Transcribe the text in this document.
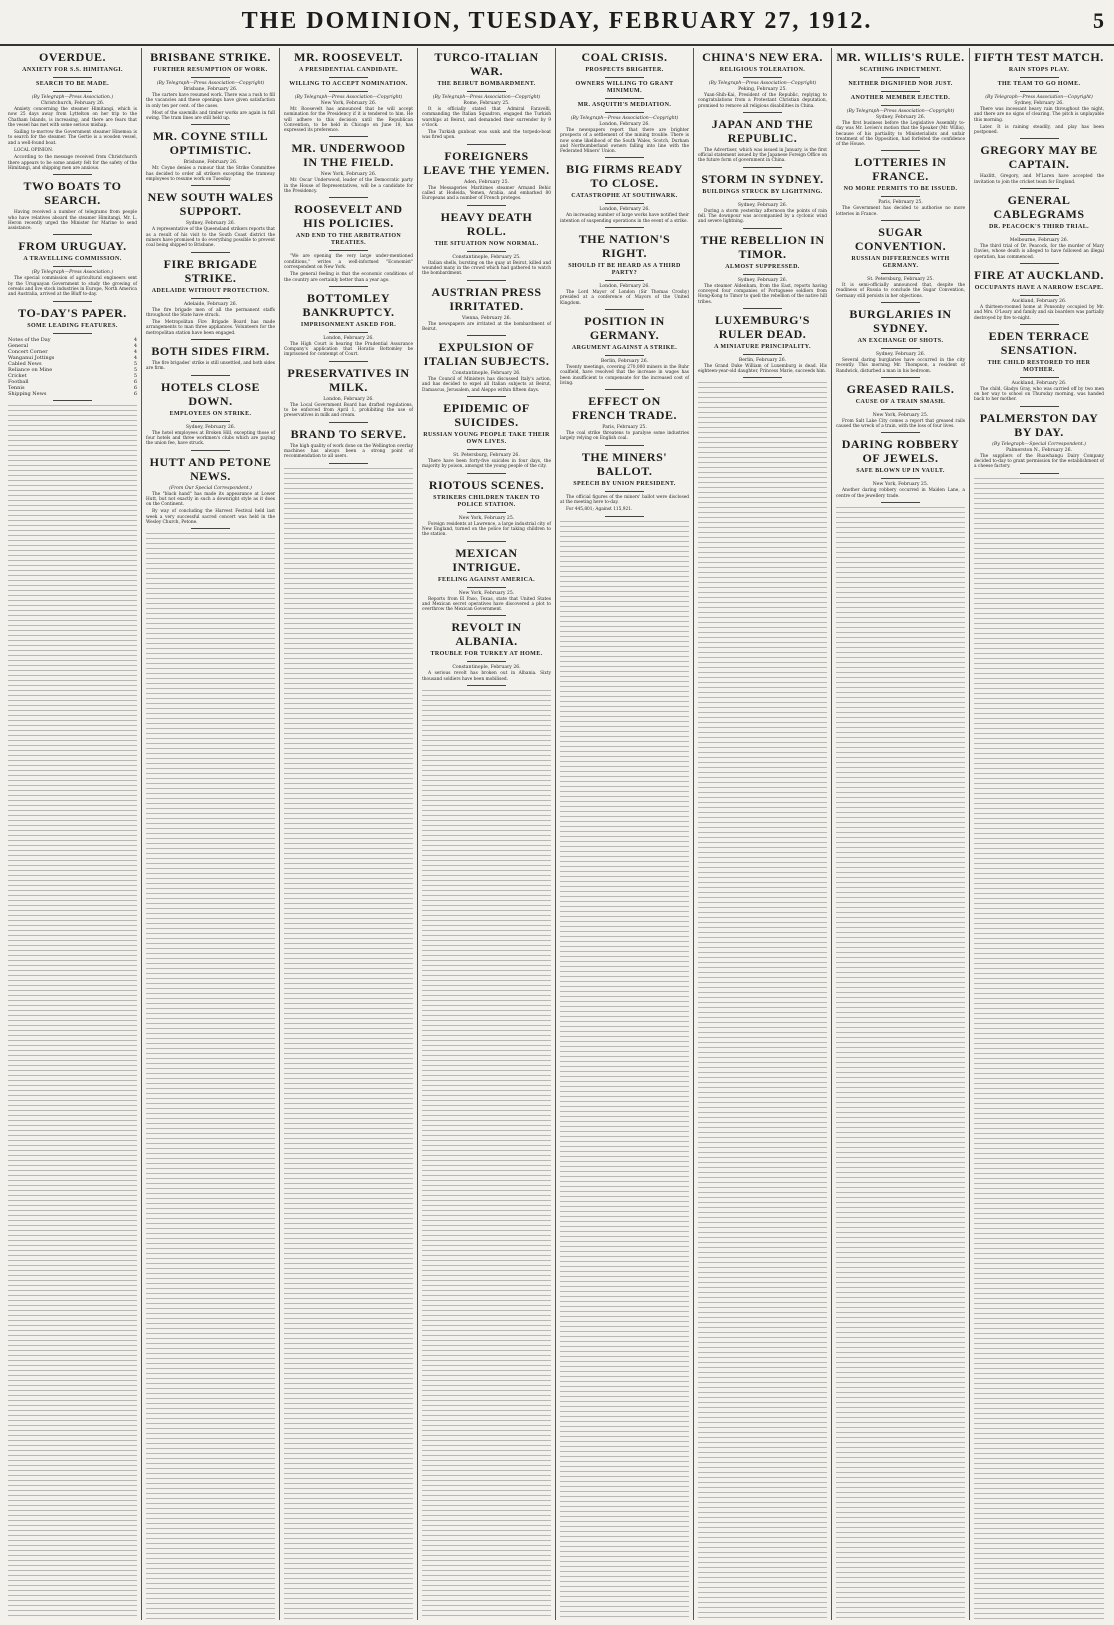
THE DOMINION, TUESDAY, FEBRUARY 27, 1912.	5
OVERDUE.
ANXIETY FOR S.S. HIMITANGI.
SEARCH TO BE MADE.
(By Telegraph—Press Association.)
Christchurch, February 26.

Anxiety concerning the steamer Himitangi, which is now 25 days away from Lyttelton on her trip to the Chatham Islands, is increasing, and there are fears that the vessel has met with some serious mishap.

Sailing to-morrow the Government steamer Hinemoa is to search for the steamer. The Gertie is a wooden vessel, and a well-found boat.

LOCAL OPINION.

According to the message received from Christchurch there appears to be some anxiety felt for the safety of the Himitangi, and shipping men are anxious.

TWO BOATS TO SEARCH.

Having received a number of telegrams from people who have relatives aboard the steamer Himitangi, Mr. L. Heron recently urged the Minister for Marine to send assistance.

FROM URUGUAY.
A TRAVELLING COMMISSION.
(By Telegraph—Press Association.)

The special commission of agricultural engineers sent by the Uruguayan Government to study the growing of cereals and live stock industries in Europe, North America and Australia, arrived at the Bluff to-day.

TO-DAY'S PAPER.
SOME LEADING FEATURES.
Notes of the Day	4
General	4
Concert Corner	4
Wanganui Jottings	4
Cabled News	5
Reliance on Mine	5
Cricket	5
Football	6
Tennis	6
Shipping News	6
BRISBANE STRIKE.
FURTHER RESUMPTION OF WORK.
(By Telegraph—Press Association—Copyright)
Brisbane, February 26.

The carters have resumed work. There was a rush to fill the vacancies and these openings have given satisfaction in only ten per cent. of the cases.

Most of the sawmills and timber works are again in full swing. The tram lines are still held up.

MR. COYNE STILL OPTIMISTIC.
Brisbane, February 26.

Mr. Coyne denies a rumour that the Strike Committee has decided to order all strikers excepting the tramway employees to resume work on Tuesday.

NEW SOUTH WALES SUPPORT.
Sydney, February 26.

A representative of the Queensland strikers reports that as a result of his visit to the South Coast district the miners have promised to do everything possible to prevent coal being shipped to Brisbane.

FIRE BRIGADE STRIKE.
ADELAIDE WITHOUT PROTECTION.
Adelaide, February 26.

The fire brigade men of all the permanent staffs throughout the State have struck.

The Metropolitan Fire Brigade Board has made arrangements to man three appliances. Volunteers for the metropolitan station have been engaged.

BOTH SIDES FIRM.

The fire brigades' strike is still unsettled, and both sides are firm.

HOTELS CLOSE DOWN.
EMPLOYEES ON STRIKE.
Sydney, February 26.

The hotel employees at Broken Hill, excepting those of four hotels and three workmen's clubs which are paying the union fee, have struck.

HUTT AND PETONE NEWS.
(From Our Special Correspondent.)

The "black hand" has made its appearance at Lower Hutt, but not exactly in such a downright style as it does on the Continent.

By way of concluding the Harvest Festival held last week a very successful sacred concert was held in the Wesley Church, Petone.

MR. ROOSEVELT.
A PRESIDENTIAL CANDIDATE.
WILLING TO ACCEPT NOMINATION.
(By Telegraph—Press Association—Copyright)
New York, February 26.

Mr. Roosevelt has announced that he will accept nomination for the Presidency if it is tendered to him. He will adhere to this decision until the Republican Convention, to be held in Chicago on June 18, has expressed its preference.

MR. UNDERWOOD IN THE FIELD.
New York, February 26.

Mr. Oscar Underwood, leader of the Democratic party in the House of Representatives, will be a candidate for the Presidency.

ROOSEVELT AND HIS POLICIES.
AND END TO THE ARBITRATION TREATIES.

"We are opening the very large under-mentioned conditions," writes a well-informed "Economist" correspondent on New York.

The general feeling is that the economic conditions of the country are certainly better than a year ago.

BOTTOMLEY BANKRUPTCY.
IMPRISONMENT ASKED FOR.
London, February 26.

The High Court is hearing the Prudential Assurance Company's application that Horatio Bottomley be imprisoned for contempt of Court.

PRESERVATIVES IN MILK.
London, February 26.

The Local Government Board has drafted regulations, to be enforced from April 1, prohibiting the use of preservatives in milk and cream.

BRAND TO SERVE.

The high quality of work done on the Wellington overlay machines has always been a strong point of recommendation to all users.

TURCO-ITALIAN WAR.
THE BEIRUT BOMBARDMENT.
(By Telegraph—Press Association—Copyright)
Rome, February 25.

It is officially stated that Admiral Faravelli, commanding the Italian Squadron, engaged the Turkish warships at Beirut, and demanded their surrender by 9 o'clock.

The Turkish gunboat was sunk and the torpedo-boat was fired upon.

FOREIGNERS LEAVE THE YEMEN.
Aden, February 25.

The Messageries Maritimes steamer Armand Behic called at Hodeida, Yemen, Arabia, and embarked 80 Europeans and a number of French proteges.

HEAVY DEATH ROLL.
THE SITUATION NOW NORMAL.
Constantinople, February 25.

Italian shells, bursting on the quay at Beirut, killed and wounded many in the crowd which had gathered to watch the bombardment.

AUSTRIAN PRESS IRRITATED.
Vienna, February 26.

The newspapers are irritated at the bombardment of Beirut.

EXPULSION OF ITALIAN SUBJECTS.
Constantinople, February 26.

The Council of Ministers has discussed Italy's action, and has decided to expel all Italian subjects at Beirut, Damascus, Jerusalem, and Aleppo within fifteen days.

EPIDEMIC OF SUICIDES.
RUSSIAN YOUNG PEOPLE TAKE THEIR OWN LIVES.
St. Petersburg, February 26.

There have been forty-five suicides in four days, the majority by poison, amongst the young people of the city.

RIOTOUS SCENES.
STRIKERS CHILDREN TAKEN TO POLICE STATION.
New York, February 25.

Foreign residents at Lawrence, a large industrial city of New England, turned on the police for taking children to the station.

MEXICAN INTRIGUE.
FEELING AGAINST AMERICA.
New York, February 25.

Reports from El Paso, Texas, state that United States and Mexican secret operatives have discovered a plot to overthrow the Mexican Government.

REVOLT IN ALBANIA.
TROUBLE FOR TURKEY AT HOME.
Constantinople, February 26.

A serious revolt has broken out in Albania. Sixty thousand soldiers have been mobilised.

COAL CRISIS.
PROSPECTS BRIGHTER.
OWNERS WILLING TO GRANT MINIMUM.
MR. ASQUITH'S MEDIATION.
(By Telegraph—Press Association—Copyright)
London, February 26.

The newspapers report that there are brighter prospects of a settlement of the mining trouble. There is now some likelihood of the South Wales, Scotch, Durham and Northumberland owners falling into line with the Federated Miners' Union.

BIG FIRMS READY TO CLOSE.
CATASTROPHE AT SOUTHWARK.
London, February 26.

An increasing number of large works have notified their intention of suspending operations in the event of a strike.

THE NATION'S RIGHT.
SHOULD IT BE HEARD AS A THIRD PARTY?
London, February 26.

The Lord Mayor of London (Sir Thomas Crosby) presided at a conference of Mayors of the United Kingdom.

POSITION IN GERMANY.
ARGUMENT AGAINST A STRIKE.
Berlin, February 26.

Twenty meetings, covering 270,000 miners in the Ruhr coalfield, have resolved that the increase in wages has been insufficient to compensate for the increased cost of living.

EFFECT ON FRENCH TRADE.
Paris, February 25.

The coal strike threatens to paralyse some industries largely relying on English coal.

THE MINERS' BALLOT.
SPEECH BY UNION PRESIDENT.

The official figures of the miners' ballot were disclosed at the meeting here to-day.

For 445,801; Against 115,921.

CHINA'S NEW ERA.
RELIGIOUS TOLERATION.
(By Telegraph—Press Association—Copyright)
Peking, February 25.

Yuan-Shih-Kai, President of the Republic, replying to congratulations from a Protestant Christian deputation, promised to remove all religious disabilities in China.

JAPAN AND THE REPUBLIC.

The Advertiser, which was issued in January, is the first official statement issued by the Japanese Foreign Office on the future form of government in China.

STORM IN SYDNEY.
BUILDINGS STRUCK BY LIGHTNING.
Sydney, February 26.

During a storm yesterday afternoon the points of rain fell. The downpour was accompanied by a cyclonic wind and severe lightning.

THE REBELLION IN TIMOR.
ALMOST SUPPRESSED.
Sydney, February 26.

The steamer Aldenham, from the East, reports having conveyed four companies of Portuguese soldiers from Hong-Kong to Timor to quell the rebellion of the native hill tribes.

LUXEMBURG'S RULER DEAD.
A MINIATURE PRINCIPALITY.
Berlin, February 26.

The Grand Duke William of Luxemburg is dead. His eighteen-year-old daughter, Princess Marie, succeeds him.

MR. WILLIS'S RULE.
SCATHING INDICTMENT.
NEITHER DIGNIFIED NOR JUST.
ANOTHER MEMBER EJECTED.
(By Telegraph—Press Association—Copyright)
Sydney, February 26.

The first business before the Legislative Assembly to-day was Mr. Levien's motion that the Speaker (Mr. Willis), because of his partiality to Ministerialists and unfair treatment of the Opposition, had forfeited the confidence of the House.

LOTTERIES IN FRANCE.
NO MORE PERMITS TO BE ISSUED.
Paris, February 25.

The Government has decided to authorise no more lotteries in France.

SUGAR CONVENTION.
RUSSIAN DIFFERENCES WITH GERMANY.
St. Petersburg, February 25.

It is semi-officially announced that, despite the readiness of Russia to conclude the Sugar Convention, Germany still persists in her objections.

BURGLARIES IN SYDNEY.
AN EXCHANGE OF SHOTS.
Sydney, February 26.

Several daring burglaries have occurred in the city recently. This morning Mr. Thompson, a resident of Randwick, disturbed a man in his bedroom.

GREASED RAILS.
CAUSE OF A TRAIN SMASH.
New York, February 25.

From Salt Lake City comes a report that greased rails caused the wreck of a train, with the loss of four lives.

DARING ROBBERY OF JEWELS.
SAFE BLOWN UP IN VAULT.
New York, February 25.

Another daring robbery occurred in Maiden Lane, a centre of the jewellery trade.

FIFTH TEST MATCH.
RAIN STOPS PLAY.
THE TEAM TO GO HOME.
(By Telegraph—Press Association—Copyright)
Sydney, February 26.

There was incessant heavy rain throughout the night, and there are no signs of clearing. The pitch is unplayable this morning.

Later. It is raining steadily, and play has been postponed.

GREGORY MAY BE CAPTAIN.

Hazlitt, Gregory, and M'Laren have accepted the invitation to join the cricket team for England.

GENERAL CABLEGRAMS
DR. PEACOCK'S THIRD TRIAL.
Melbourne, February 26.

The third trial of Dr. Peacock, for the murder of Mary Davies, whose death is alleged to have followed an illegal operation, has commenced.

FIRE AT AUCKLAND.
OCCUPANTS HAVE A NARROW ESCAPE.
Auckland, February 26.

A thirteen-roomed home at Ponsonby occupied by Mr. and Mrs. O'Leary and family and six boarders was partially destroyed by fire to-night.

EDEN TERRACE SENSATION.
THE CHILD RESTORED TO HER MOTHER.
Auckland, February 26.

The child, Gladys Gray, who was carried off by two men on her way to school on Thursday morning, was handed back to her mother.

PALMERSTON DAY BY DAY.
(By Telegraph—Special Correspondent.)
Palmerston N., February 26.

The suppliers of the Ruawhangu Dairy Company decided to-day to grant permission for the establishment of a cheese factory.
